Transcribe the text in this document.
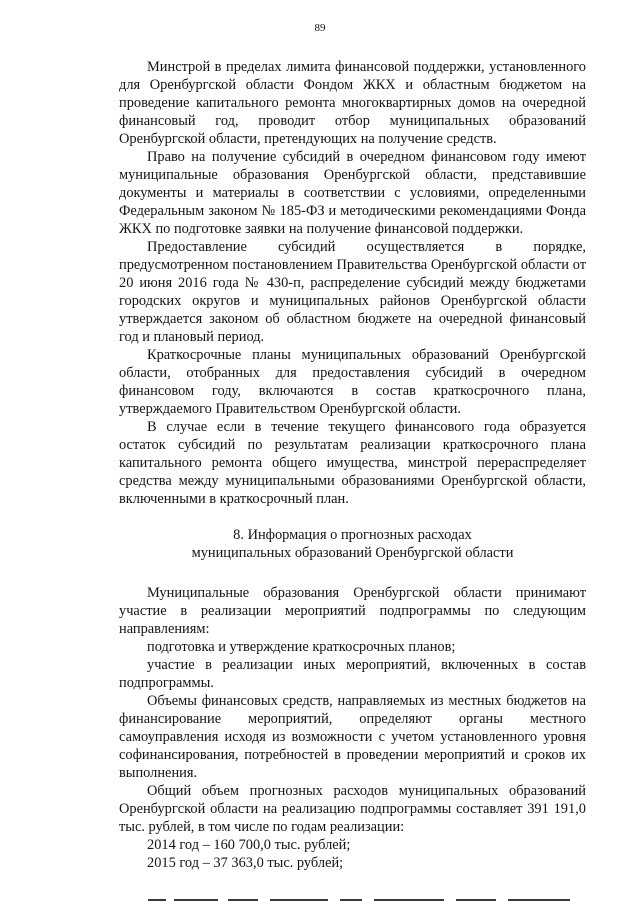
89

Минстрой в пределах лимита финансовой поддержки, установленного для Оренбургской области Фондом ЖКХ и областным бюджетом на проведение капитального ремонта многоквартирных домов на очередной финансовый год, проводит отбор муниципальных образований Оренбургской области, претендующих на получение средств.

Право на получение субсидий в очередном финансовом году имеют муниципальные образования Оренбургской области, представившие документы и материалы в соответствии с условиями, определенными Федеральным законом № 185-ФЗ и методическими рекомендациями Фонда ЖКХ по подготовке заявки на получение финансовой поддержки.

Предоставление субсидий осуществляется в порядке, предусмотренном постановлением Правительства Оренбургской области от 20 июня 2016 года № 430-п, распределение субсидий между бюджетами городских округов и муниципальных районов Оренбургской области утверждается законом об областном бюджете на очередной финансовый год и плановый период.

Краткосрочные планы муниципальных образований Оренбургской области, отобранных для предоставления субсидий в очередном финансовом году, включаются в состав краткосрочного плана, утверждаемого Правительством Оренбургской области.

В случае если в течение текущего финансового года образуется остаток субсидий по результатам реализации краткосрочного плана капитального ремонта общего имущества, минстрой перераспределяет средства между муниципальными образованиями Оренбургской области, включенными в краткосрочный план.

8. Информация о прогнозных расходах
муниципальных образований Оренбургской области

Муниципальные образования Оренбургской области принимают участие в реализации мероприятий подпрограммы по следующим направлениям:

подготовка и утверждение краткосрочных планов;

участие в реализации иных мероприятий, включенных в состав подпрограммы.

Объемы финансовых средств, направляемых из местных бюджетов на финансирование мероприятий, определяют органы местного самоуправления исходя из возможности с учетом установленного уровня софинансирования, потребностей в проведении мероприятий и сроков их выполнения.

Общий объем прогнозных расходов муниципальных образований Оренбургской области на реализацию подпрограммы составляет 391 191,0 тыс. рублей, в том числе по годам реализации:

2014 год – 160 700,0 тыс. рублей;

2015 год – 37 363,0 тыс. рублей;
